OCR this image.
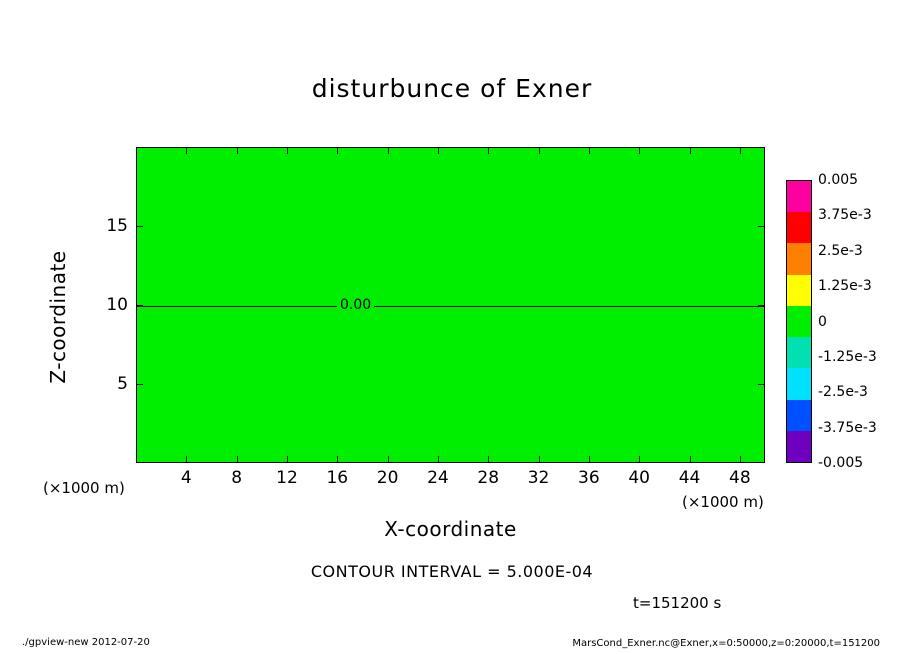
disturbunce of Exner
0.00
4 8 12 16 20 24 28 32 36 40 44 48
5
10
15
Z-coordinate
X-coordinate
(×1000 m)
(×1000 m)
0.005
3.75e-3
2.5e-3
1.25e-3
0
-1.25e-3
-2.5e-3
-3.75e-3
-0.005
CONTOUR INTERVAL = 5.000E-04
t=151200 s
./gpview-new 2012-07-20	MarsCond_Exner.nc@Exner,x=0:50000,z=0:20000,t=151200
